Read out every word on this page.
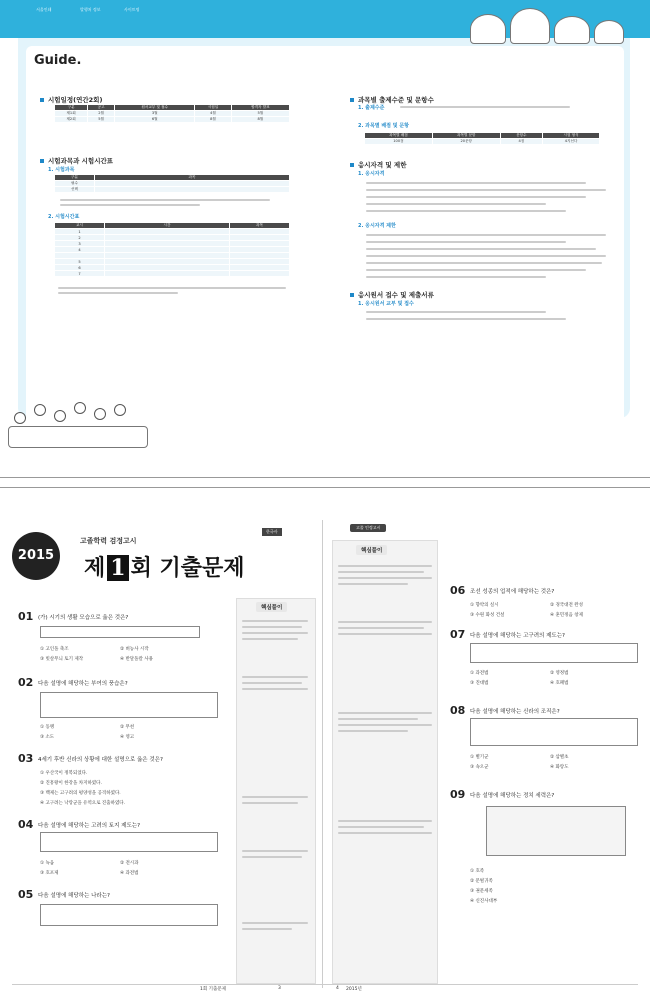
서울인쇄	발행처 정보	사이트명
Guide.
시험일정(연간2회)
구분	공고	원서교부 및 접수	시험일	합격자 발표
제1회	2월	3월	4월	5월
제2회	5월	6월	8월	8월
시험과목과 시험시간표
1. 시험과목
구분	과목
필수	
선택	
2. 시험시간표
교시	시간	과목
1		
2		
3		
4		

5		
6		
7		
과목별 출제수준 및 문항수
1. 출제수준
2. 과목별 배점 및 문항
과목별 배점	과목별 문항	문항수	시험 형식
100점	20문항	4점	4지선다
응시자격 및 제한
1. 응시자격
2. 응시자격 제한
응시원서 접수 및 제출서류
1. 응시원서 교부 및 접수
2015
고졸학력 검정고시
한국사
제 1 회 기출문제
고졸 인정고시
01 (가) 시기의 생활 모습으로 옳은 것은?
① 고인돌 축조	② 벼농사 시작
③ 빗살무늬 토기 제작	④ 반달돌칼 사용
02 다음 설명에 해당하는 부여의 풍습은?
① 동맹	② 무천
③ 소도	④ 영고
03 4세기 후반 신라의 상황에 대한 설명으로 옳은 것은?
① 우산국이 정복되었다.
② 진흥왕이 한강을 차지하였다.
③ 백제는 고구려의 평양성을 공격하였다.
④ 고구려는 낙랑군을 유역으로 진출하였다.
04 다음 설명에 해당하는 고려의 토지 제도는?
① 녹읍	② 전시과
③ 호포제	④ 과전법
05 다음 설명에 해당하는 나라는?
핵심풀이
핵심풀이
06 조선 성종의 업적에 해당하는 것은?
① 향약의 실시	② 경국대전 완성
③ 수원 화성 건설	④ 훈민정음 창제
07 다음 설명에 해당하는 고구려의 제도는?
① 과전법	② 영정법
③ 진대법	④ 호패법
08 다음 설명에 해당하는 신라의 조직은?
① 별기군	② 삼별초
③ 속오군	④ 화랑도
09 다음 설명에 해당하는 정치 세력은?
① 호족
② 문벌귀족
③ 권문세족
④ 신진사대부
1회 기출문제	3	4 2015년
